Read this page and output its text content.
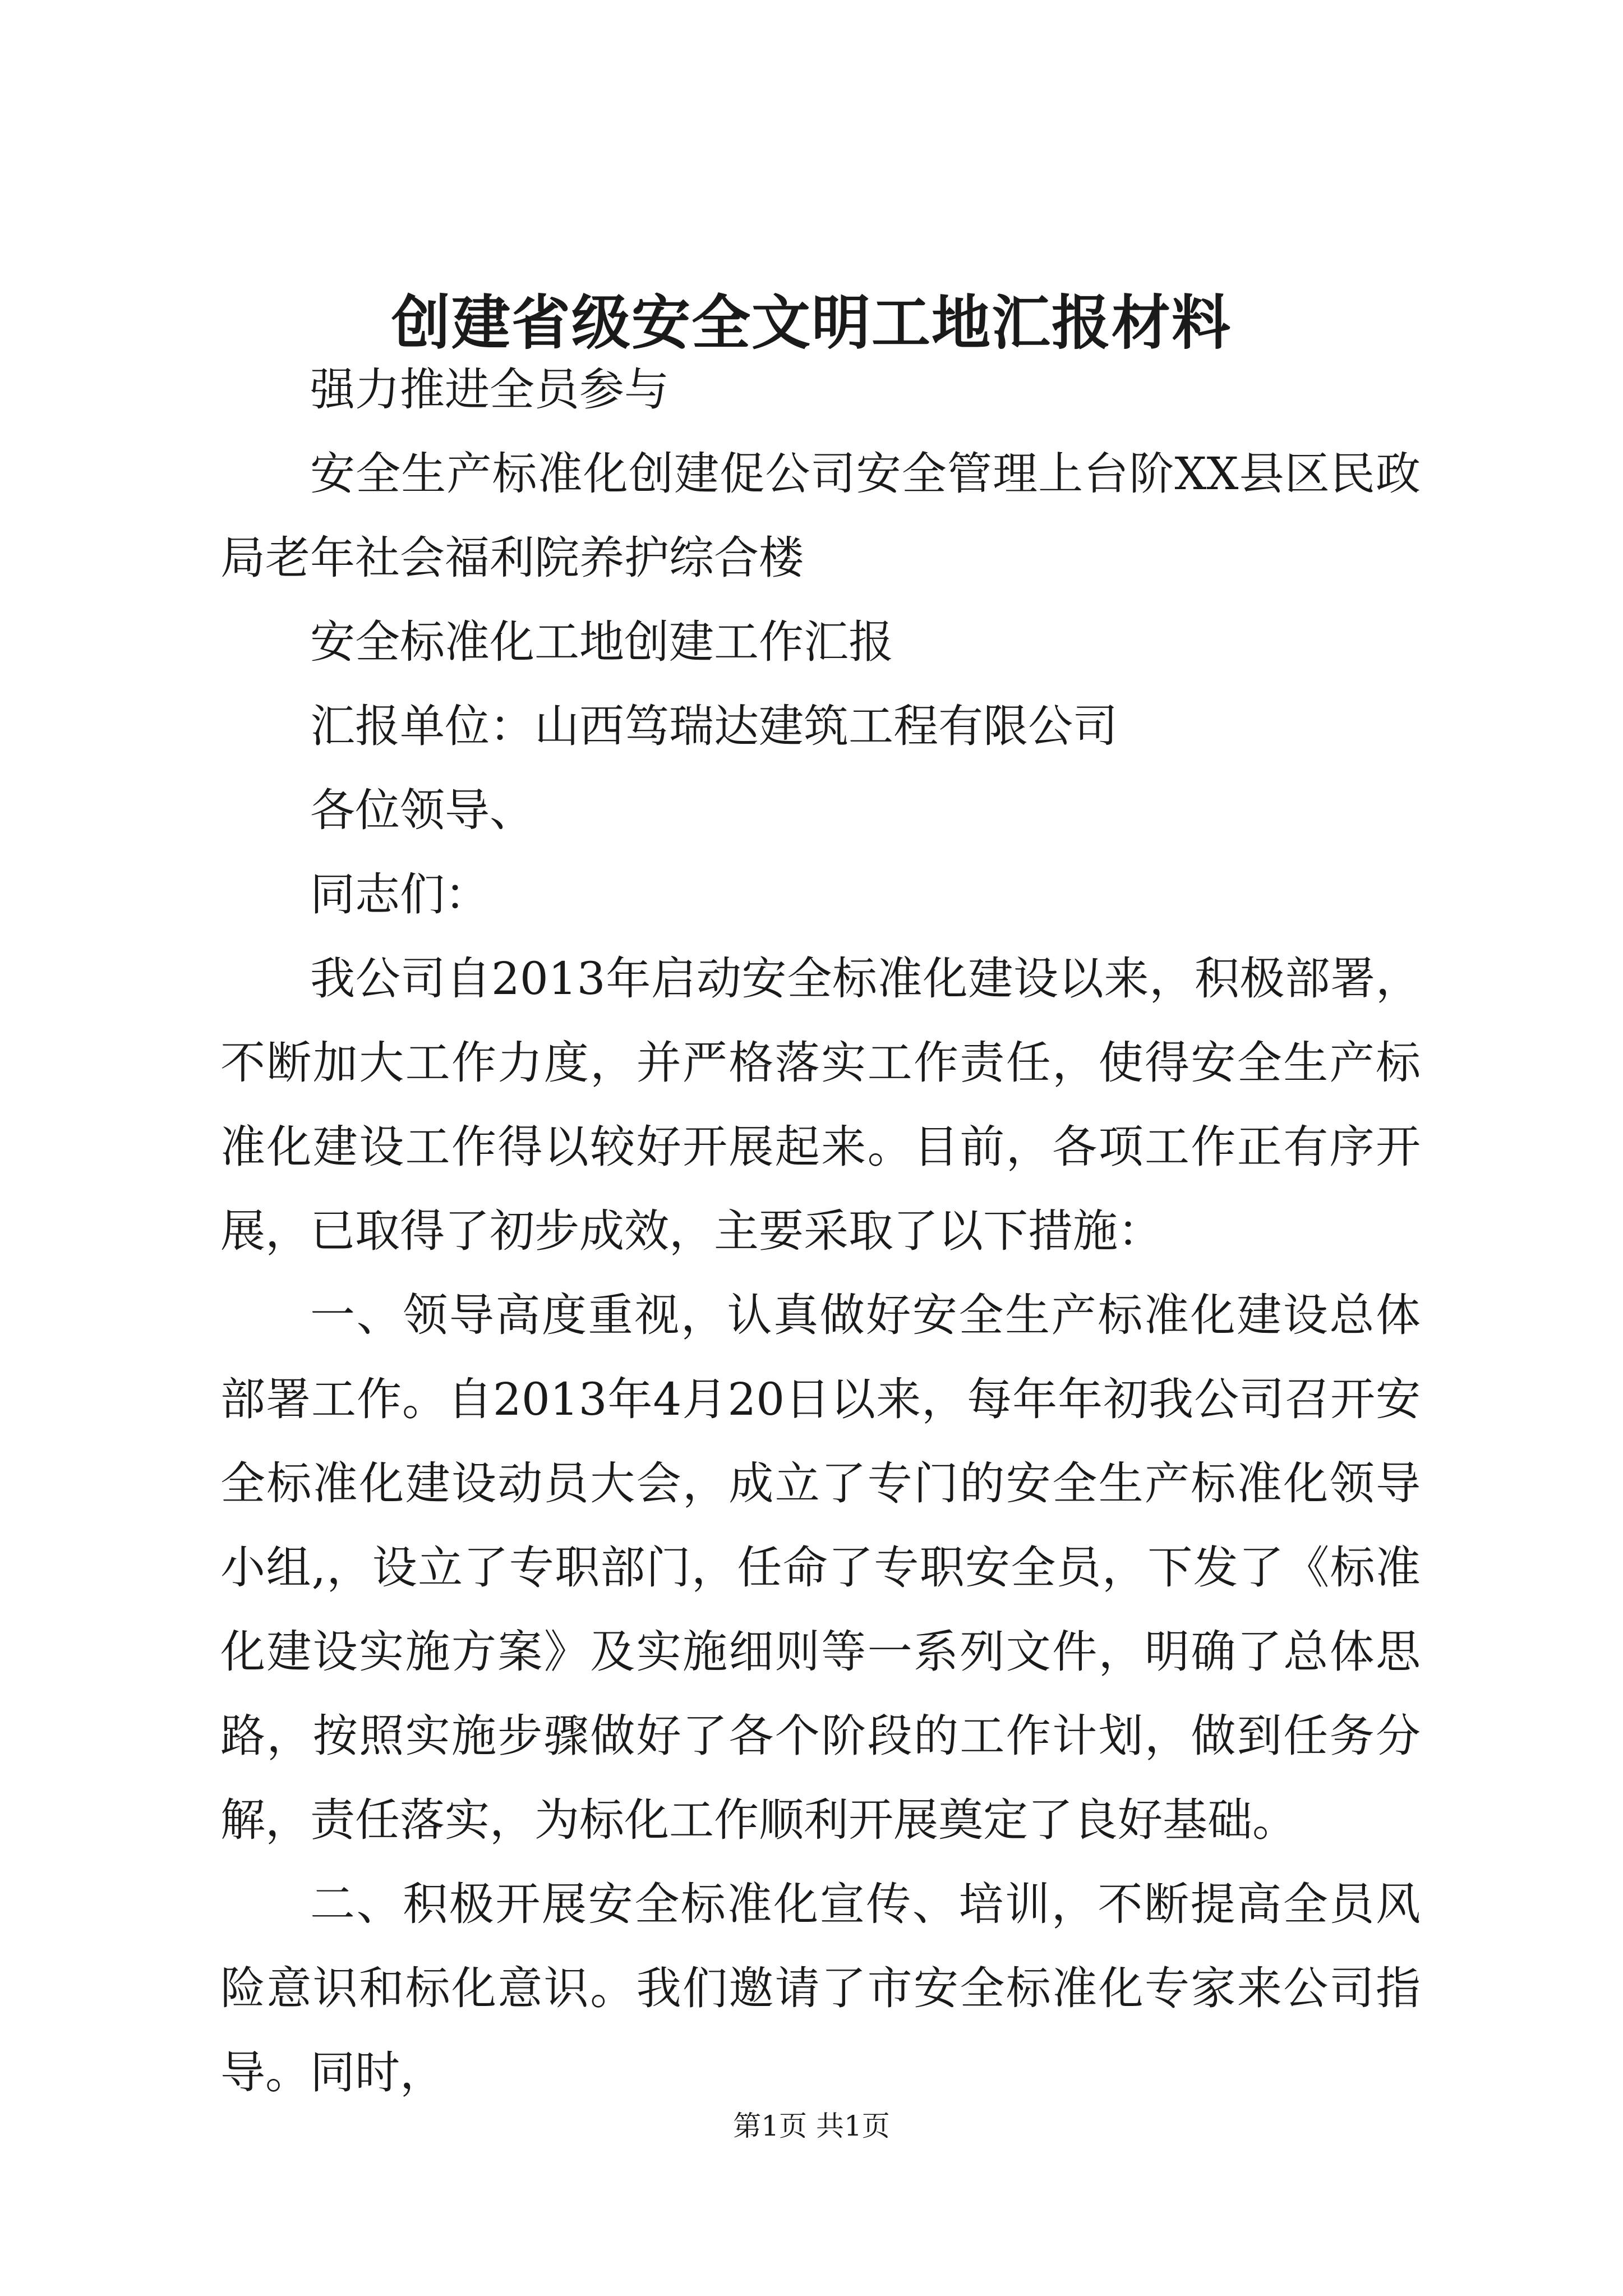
创建省级安全文明工地汇报材料

强力推进全员参与

安全生产标准化创建促公司安全管理上台阶XX县区民政局老年社会福利院养护综合楼

安全标准化工地创建工作汇报

汇报单位：山西笃瑞达建筑工程有限公司

各位领导、

同志们：

我公司自2013年启动安全标准化建设以来，积极部署，不断加大工作力度，并严格落实工作责任，使得安全生产标准化建设工作得以较好开展起来。目前，各项工作正有序开展，已取得了初步成效，主要采取了以下措施：

一、领导高度重视，认真做好安全生产标准化建设总体部署工作。自2013年4月20日以来，每年年初我公司召开安全标准化建设动员大会，成立了专门的安全生产标准化领导小组,，设立了专职部门，任命了专职安全员，下发了《标准化建设实施方案》及实施细则等一系列文件，明确了总体思路，按照实施步骤做好了各个阶段的工作计划，做到任务分解，责任落实，为标化工作顺利开展奠定了良好基础。

二、积极开展安全标准化宣传、培训，不断提高全员风险意识和标化意识。我们邀请了市安全标准化专家来公司指导。同时，

第1页 共1页
